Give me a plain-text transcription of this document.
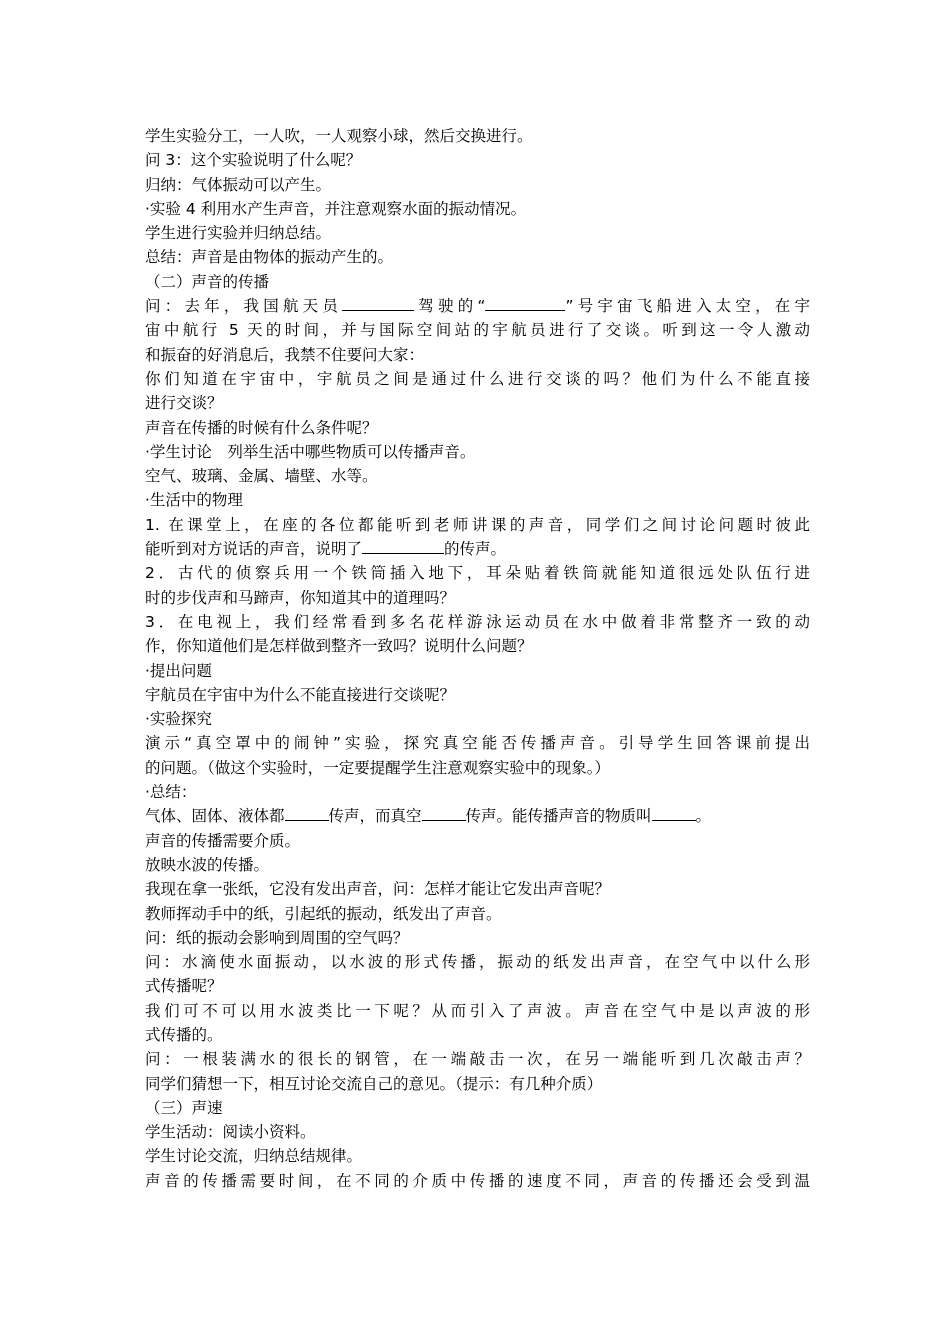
学生实验分工，一人吹，一人观察小球，然后交换进行。
问 3：这个实验说明了什么呢？
归纳：气体振动可以产生。
·实验 4 利用水产生声音，并注意观察水面的振动情况。
学生进行实验并归纳总结。
总结：声音是由物体的振动产生的。
（二）声音的传播
问：去年，我国航天员	驾驶的“	”号宇宙飞船进入太空，在宇
宙中航行 5 天的时间，并与国际空间站的宇航员进行了交谈。听到这一令人激动
和振奋的好消息后，我禁不住要问大家：
你们知道在宇宙中，宇航员之间是通过什么进行交谈的吗？他们为什么不能直接
进行交谈？
声音在传播的时候有什么条件呢？
·学生讨论　列举生活中哪些物质可以传播声音。
空气、玻璃、金属、墙壁、水等。
·生活中的物理
1. 在课堂上，在座的各位都能听到老师讲课的声音，同学们之间讨论问题时彼此
能听到对方说话的声音，说明了	的传声。
2．古代的侦察兵用一个铁筒插入地下，耳朵贴着铁筒就能知道很远处队伍行进
时的步伐声和马蹄声，你知道其中的道理吗？
3．在电视上，我们经常看到多名花样游泳运动员在水中做着非常整齐一致的动
作，你知道他们是怎样做到整齐一致吗？说明什么问题？
·提出问题
宇航员在宇宙中为什么不能直接进行交谈呢？
·实验探究
演示“真空罩中的闹钟”实验，探究真空能否传播声音。引导学生回答课前提出
的问题。（做这个实验时，一定要提醒学生注意观察实验中的现象。）
·总结：
气体、固体、液体都	传声，而真空	传声。能传播声音的物质叫	。
声音的传播需要介质。
放映水波的传播。
我现在拿一张纸，它没有发出声音，问：怎样才能让它发出声音呢？
教师挥动手中的纸，引起纸的振动，纸发出了声音。
问：纸的振动会影响到周围的空气吗？
问：水滴使水面振动，以水波的形式传播，振动的纸发出声音，在空气中以什么形
式传播呢？
我们可不可以用水波类比一下呢？从而引入了声波。声音在空气中是以声波的形
式传播的。
问：一根装满水的很长的钢管，在一端敲击一次，在另一端能听到几次敲击声？
同学们猜想一下，相互讨论交流自己的意见。（提示：有几种介质）
（三）声速
学生活动：阅读小资料。
学生讨论交流，归纳总结规律。
声音的传播需要时间，在不同的介质中传播的速度不同，声音的传播还会受到温
